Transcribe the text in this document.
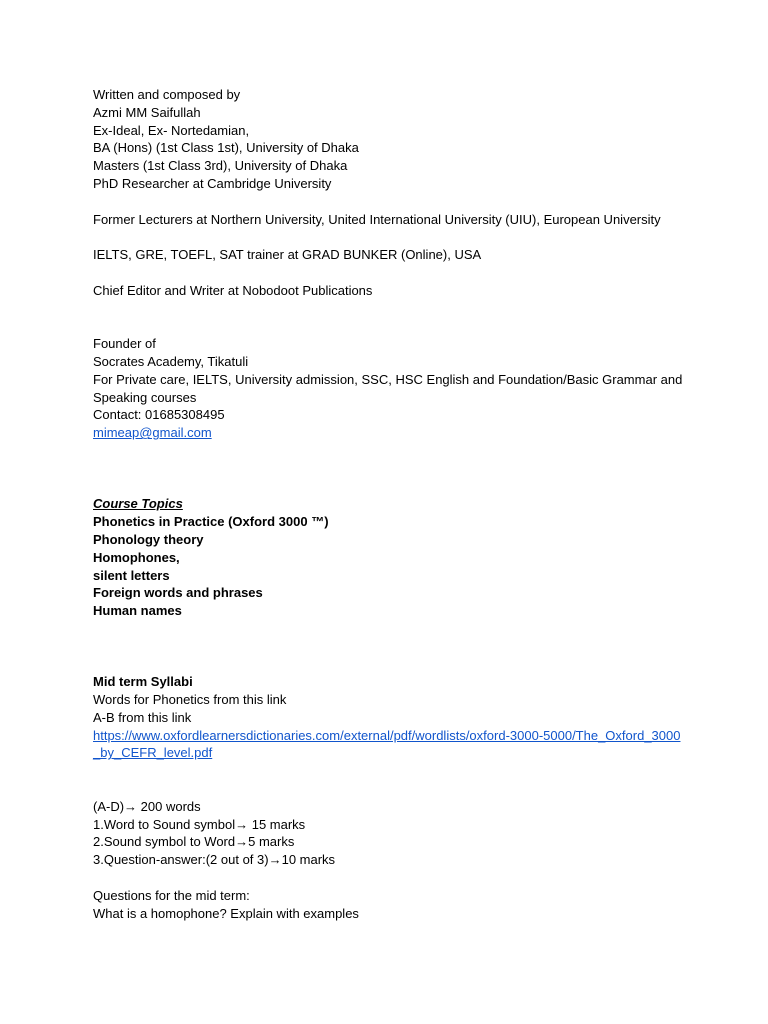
Written and composed by
Azmi MM Saifullah
Ex-Ideal, Ex- Nortedamian,
BA (Hons) (1st Class 1st), University of Dhaka
Masters (1st Class 3rd), University of Dhaka
PhD Researcher at Cambridge University
Former Lecturers at Northern University, United International University (UIU), European University
IELTS, GRE, TOEFL, SAT trainer at GRAD BUNKER (Online), USA
Chief Editor and Writer at Nobodoot Publications
Founder of
Socrates Academy, Tikatuli
For Private care, IELTS, University admission, SSC, HSC English and Foundation/Basic Grammar and Speaking courses
Contact: 01685308495
mimeap@gmail.com
Course Topics
Phonetics in Practice (Oxford 3000 ™)
Phonology theory
Homophones,
silent letters
Foreign words and phrases
Human names
Mid term Syllabi
Words for Phonetics from this link
A-B from this link
https://www.oxfordlearnersdictionaries.com/external/pdf/wordlists/oxford-3000-5000/The_Oxford_3000_by_CEFR_level.pdf
(A-D)→ 200 words
1.Word to Sound symbol→ 15 marks
2.Sound symbol to Word→5 marks
3.Question-answer:(2 out of 3)→10 marks
Questions for the mid term:
What is a homophone? Explain with examples
